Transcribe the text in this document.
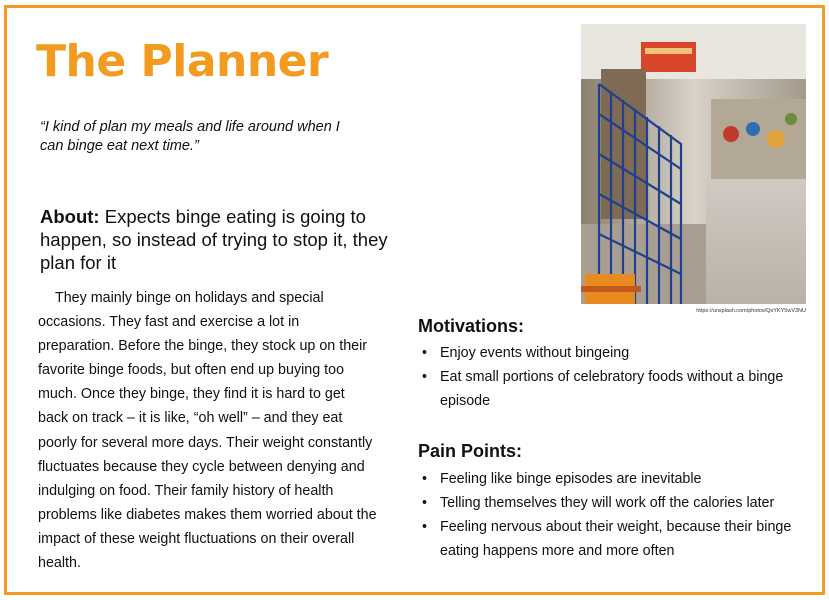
The Planner
“I kind of plan my meals and life around when I can binge eat next time.”
About: Expects binge eating is going to happen, so instead of trying to stop it, they plan for it
They mainly binge on holidays and special occasions. They fast and exercise a lot in preparation. Before the binge, they stock up on their favorite binge foods, but often end up buying too much. Once they binge, they find it is hard to get back on track – it is like, “oh well” – and they eat poorly for several more days. Their weight constantly fluctuates because they cycle between denying and indulging on food. Their family history of health problems like diabetes makes them worried about the impact of these weight fluctuations on their overall health.
https://unsplash.com/photos/QsYKY5wV3NU
Motivations:
• Enjoy events without bingeing
• Eat small portions of celebratory foods without a binge episode
Pain Points:
• Feeling like binge episodes are inevitable
• Telling themselves they will work off the calories later
• Feeling nervous about their weight, because their binge eating happens more and more often
